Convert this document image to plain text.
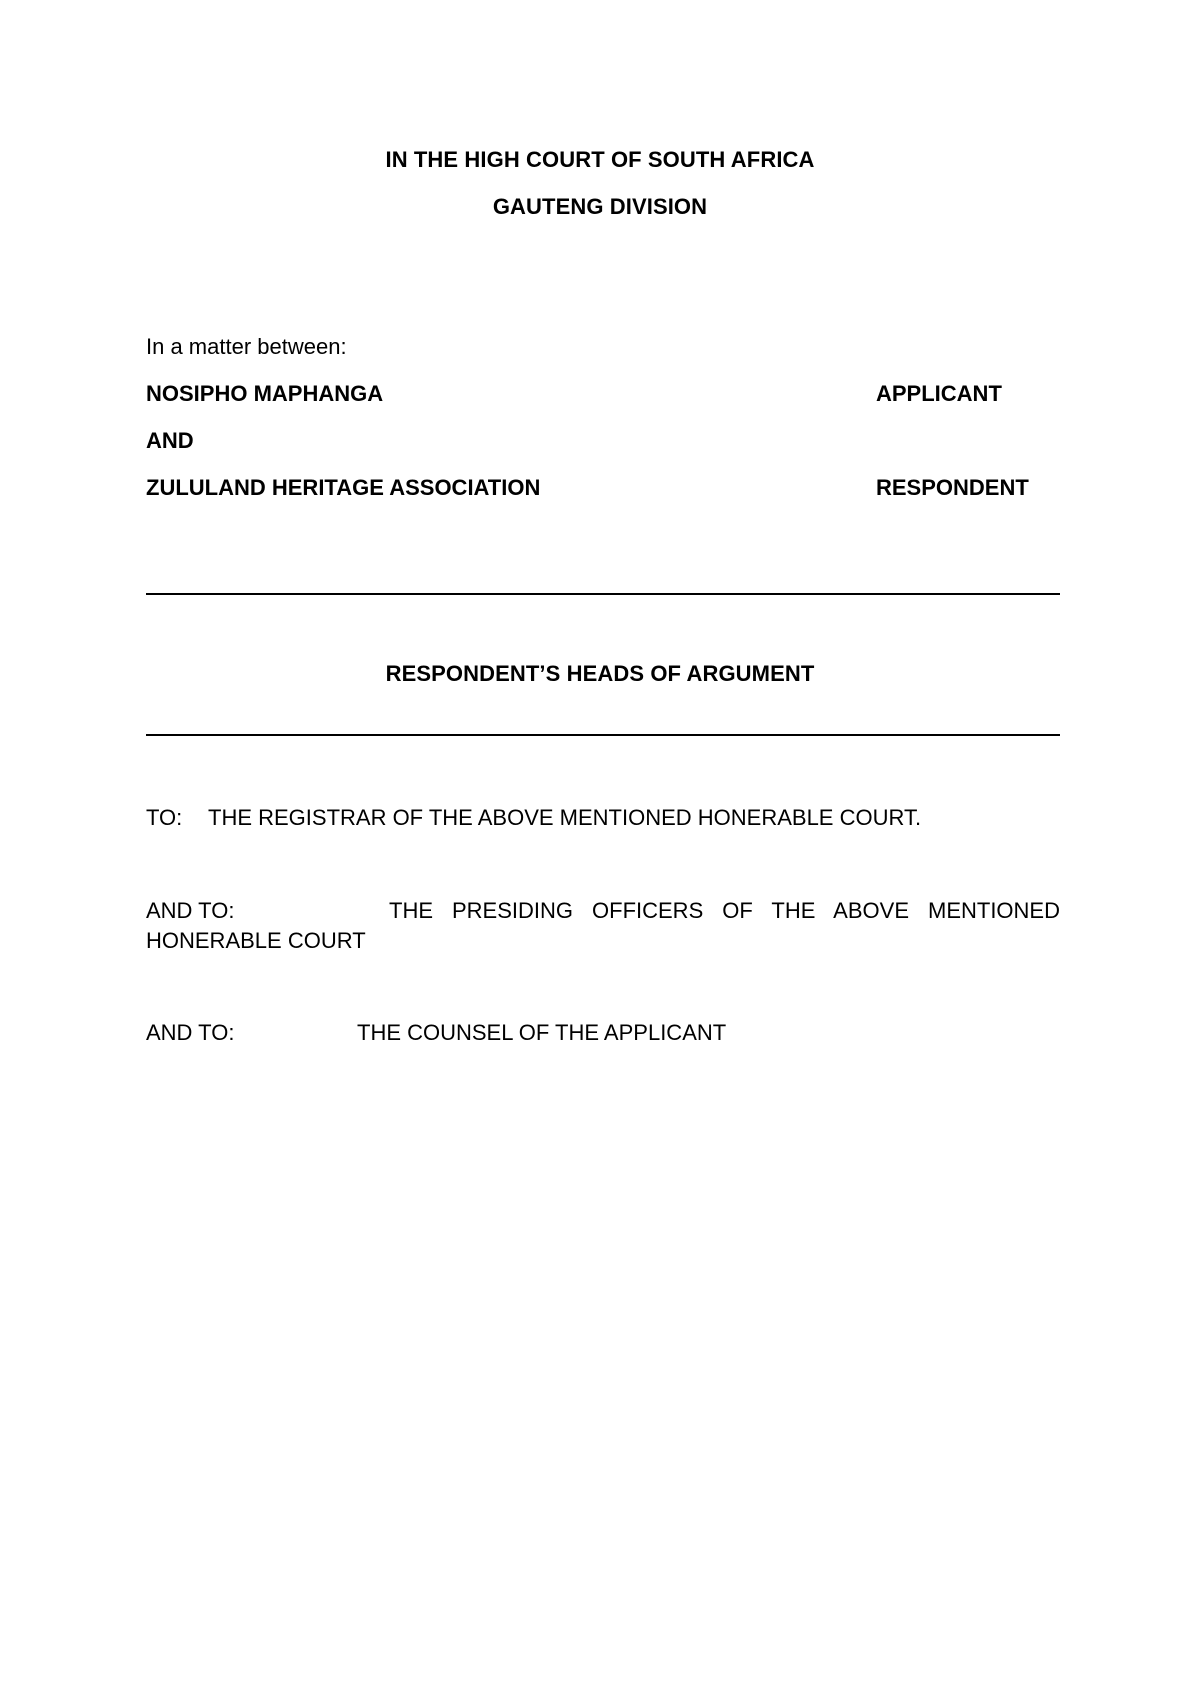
IN THE HIGH COURT OF SOUTH AFRICA
GAUTENG DIVISION
In a matter between:
NOSIPHO MAPHANGA	APPLICANT
AND
ZULULAND HERITAGE ASSOCIATION	RESPONDENT
RESPONDENT’S HEADS OF ARGUMENT
TO: THE REGISTRAR OF THE ABOVE MENTIONED HONERABLE COURT.
AND TO:	THE PRESIDING OFFICERS OF THE ABOVE MENTIONED
HONERABLE COURT
AND TO:	THE COUNSEL OF THE APPLICANT
